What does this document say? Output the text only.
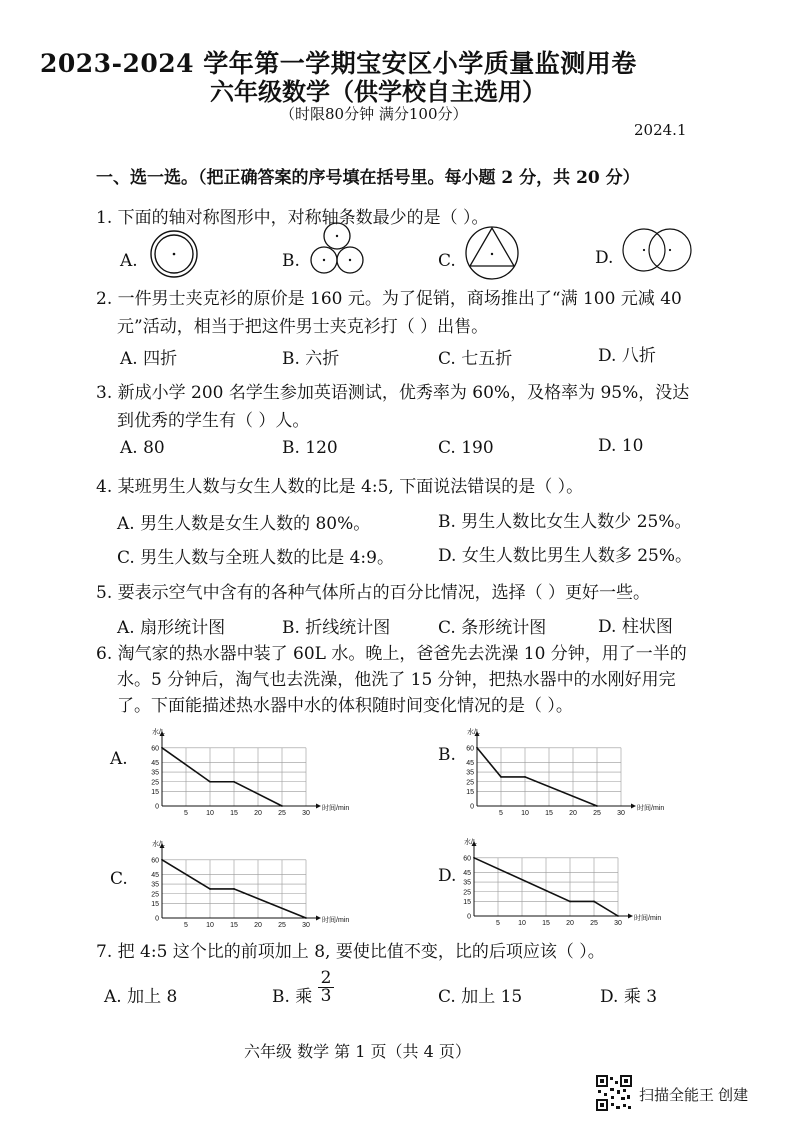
2023-2024 学年第一学期宝安区小学质量监测用卷
六年级数学（供学校自主选用）
（时限80分钟 满分100分）
2024.1
一、选一选。（把正确答案的序号填在括号里。每小题 2 分，共 20 分）
1. 下面的轴对称图形中，对称轴条数最少的是（ ）。
A.	B.	C.	D.
2. 一件男士夹克衫的原价是 160 元。为了促销，商场推出了“满 100 元减 40
元”活动，相当于把这件男士夹克衫打（ ）出售。
A. 四折	B. 六折	C. 七五折	D. 八折
3. 新成小学 200 名学生参加英语测试，优秀率为 60%，及格率为 95%，没达
到优秀的学生有（ ）人。
A. 80	B. 120	C. 190	D. 10
4. 某班男生人数与女生人数的比是 4:5, 下面说法错误的是（ ）。
A. 男生人数是女生人数的 80%。	B. 男生人数比女生人数少 25%。
C. 男生人数与全班人数的比是 4:9。	D. 女生人数比男生人数多 25%。
5. 要表示空气中含有的各种气体所占的百分比情况，选择（ ）更好一些。
A. 扇形统计图	B. 折线统计图	C. 条形统计图	D. 柱状图
6. 淘气家的热水器中装了 60L 水。晚上，爸爸先去洗澡 10 分钟，用了一半的
水。5 分钟后，淘气也去洗澡，他洗了 15 分钟，把热水器中的水刚好用完
了。下面能描述热水器中水的体积随时间变化情况的是（ ）。
A.	B.
C.	D.
0
15
25
35
45
60
5	10 15 20 25 30
水/L
时间/min	0
15
25
35
45
60
5	10 15 20 25 30
水/L
时间/min
0
15
25
35
45
60
5	10 15 20 25 30
水/L
时间/min	0
15
25
35
45
60
5	10 15 20 25 30
水/L
时间/min
7. 把 4:5 这个比的前项加上 8, 要使比值不变，比的后项应该（ ）。
A. 加上 8	B. 乘 $\frac{2}{3}$	C. 加上 15	D. 乘 3
六年级 数学 第 1 页（共 4 页）
扫描全能王 创建
